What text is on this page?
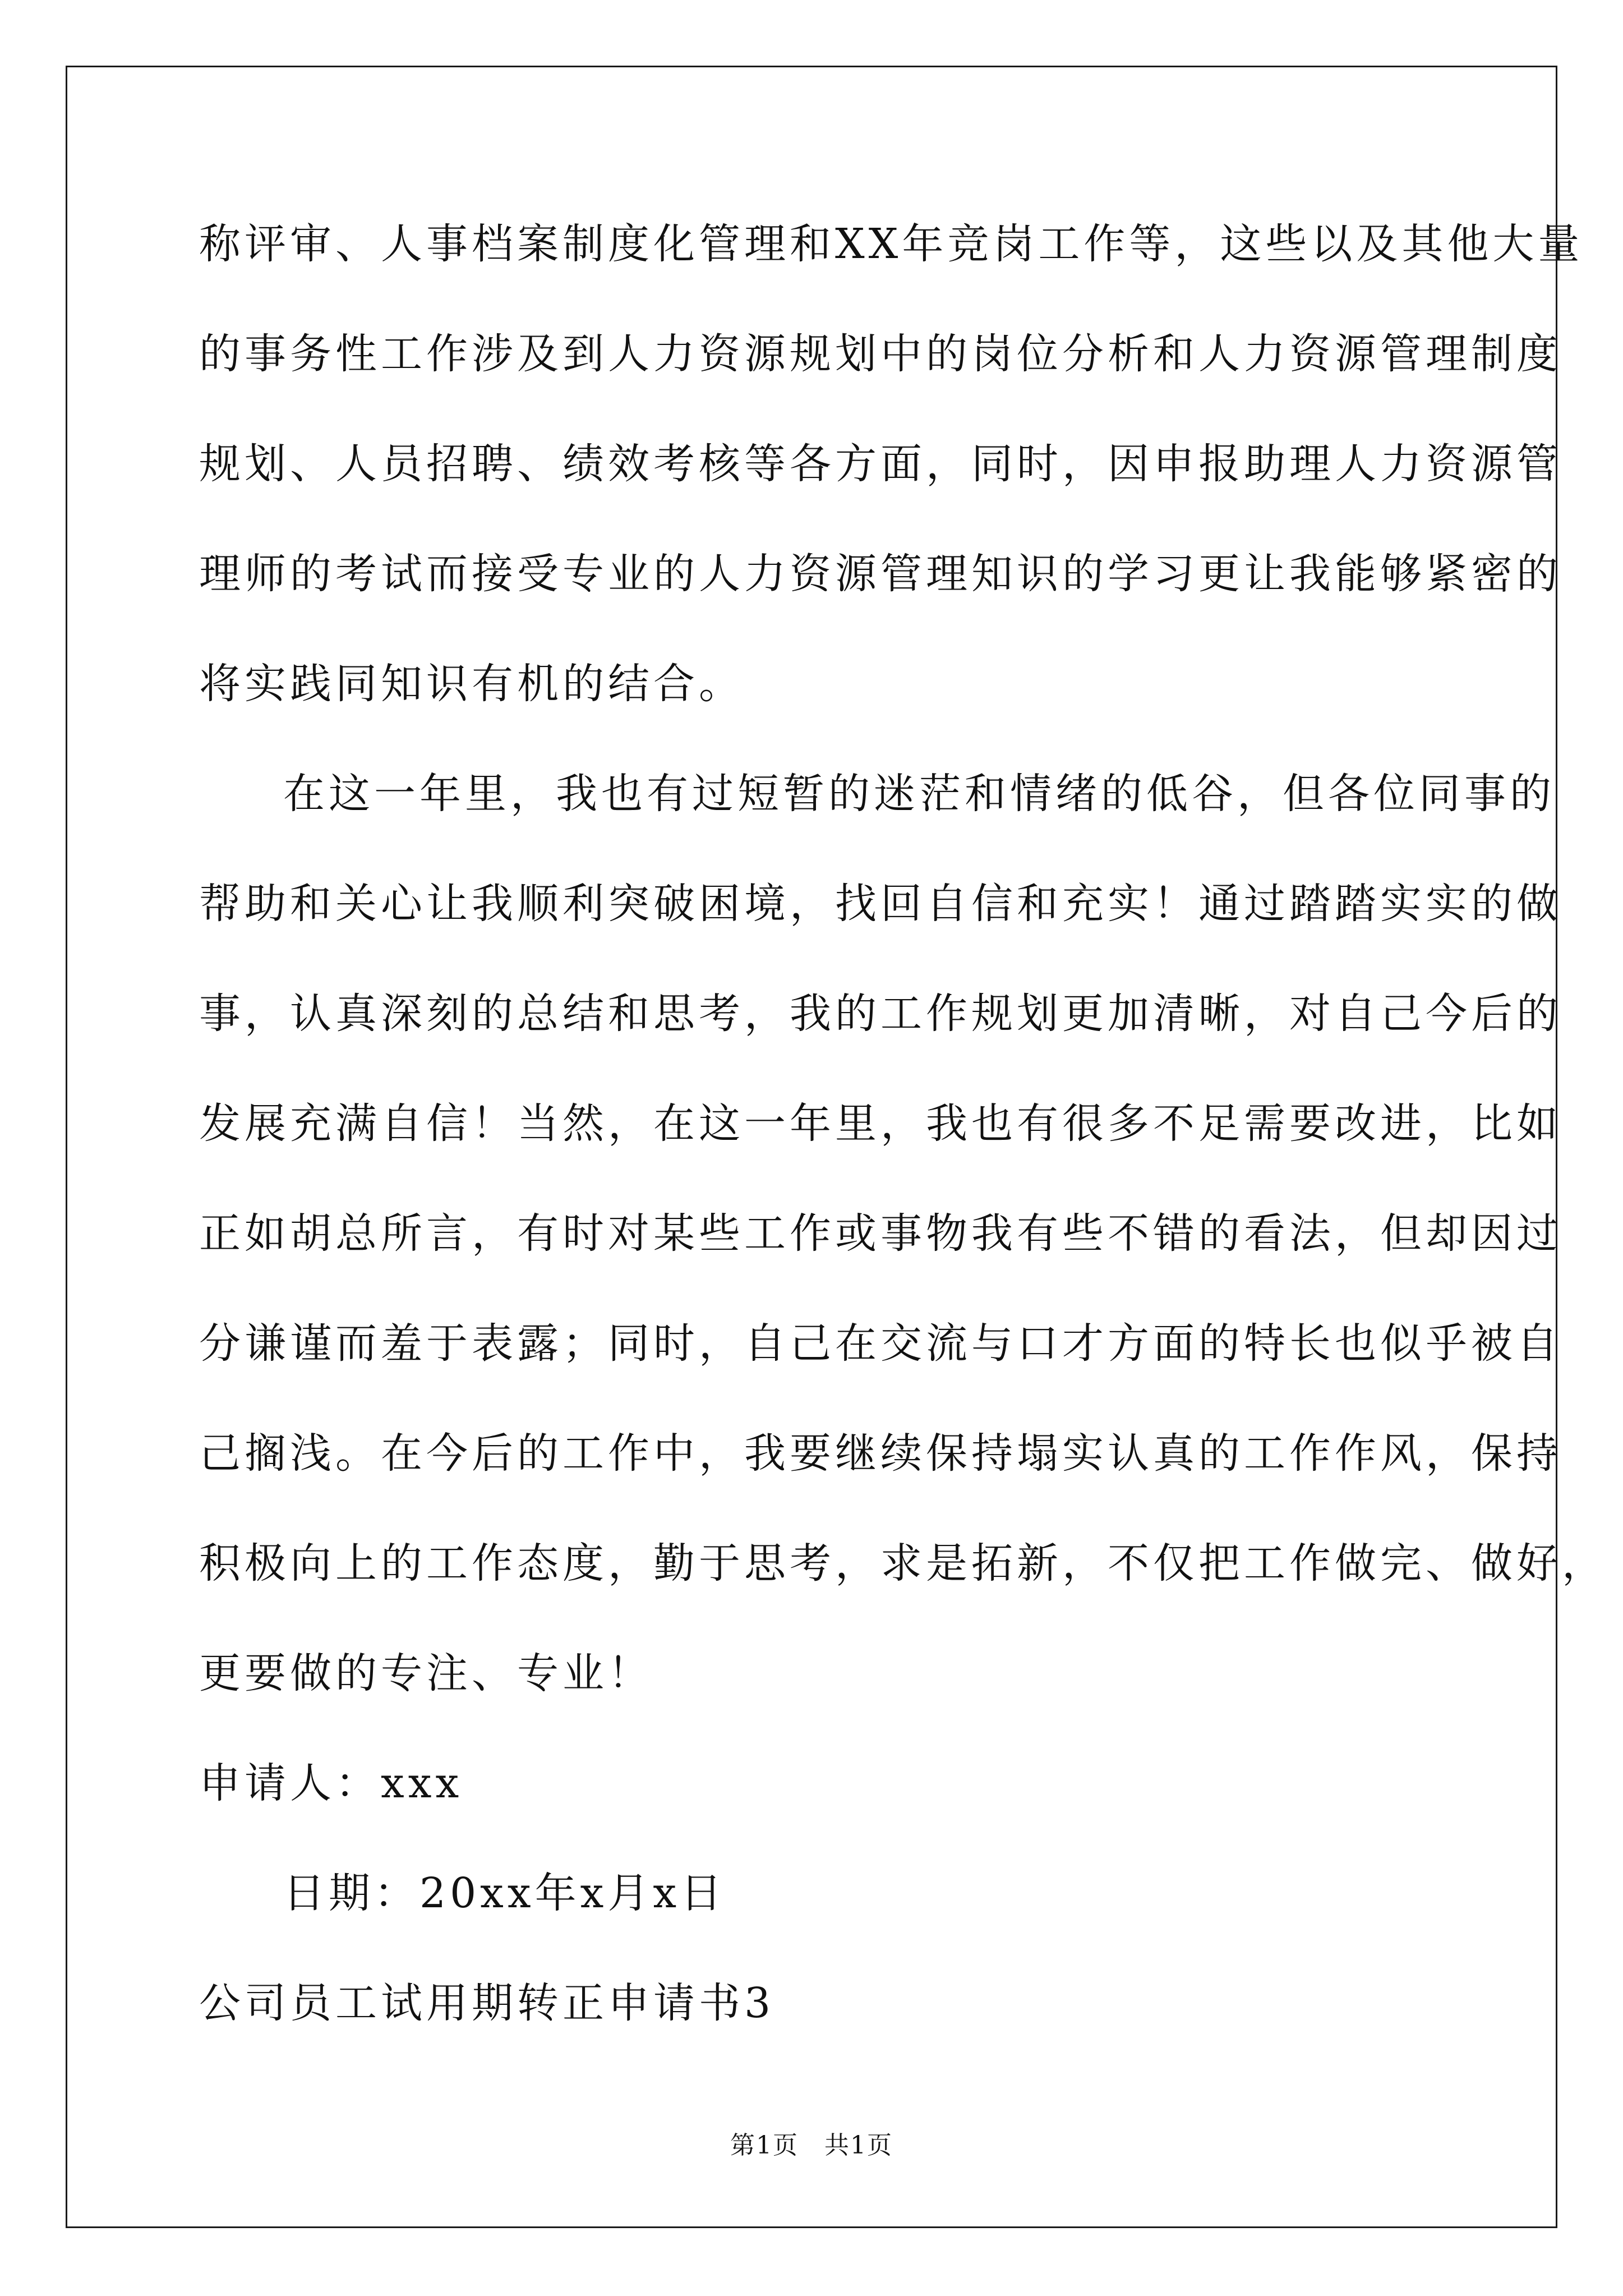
称评审、人事档案制度化管理和XX年竞岗工作等，这些以及其他大量
的事务性工作涉及到人力资源规划中的岗位分析和人力资源管理制度
规划、人员招聘、绩效考核等各方面，同时，因申报助理人力资源管
理师的考试而接受专业的人力资源管理知识的学习更让我能够紧密的
将实践同知识有机的结合。
在这一年里，我也有过短暂的迷茫和情绪的低谷，但各位同事的
帮助和关心让我顺利突破困境，找回自信和充实！通过踏踏实实的做
事，认真深刻的总结和思考，我的工作规划更加清晰，对自己今后的
发展充满自信！当然，在这一年里，我也有很多不足需要改进，比如
正如胡总所言，有时对某些工作或事物我有些不错的看法，但却因过
分谦谨而羞于表露；同时，自己在交流与口才方面的特长也似乎被自
己搁浅。在今后的工作中，我要继续保持塌实认真的工作作风，保持
积极向上的工作态度，勤于思考，求是拓新，不仅把工作做完、做好，
更要做的专注、专业！
申请人：xxx
日期：20xx年x月x日
公司员工试用期转正申请书3
第1页　共1页
